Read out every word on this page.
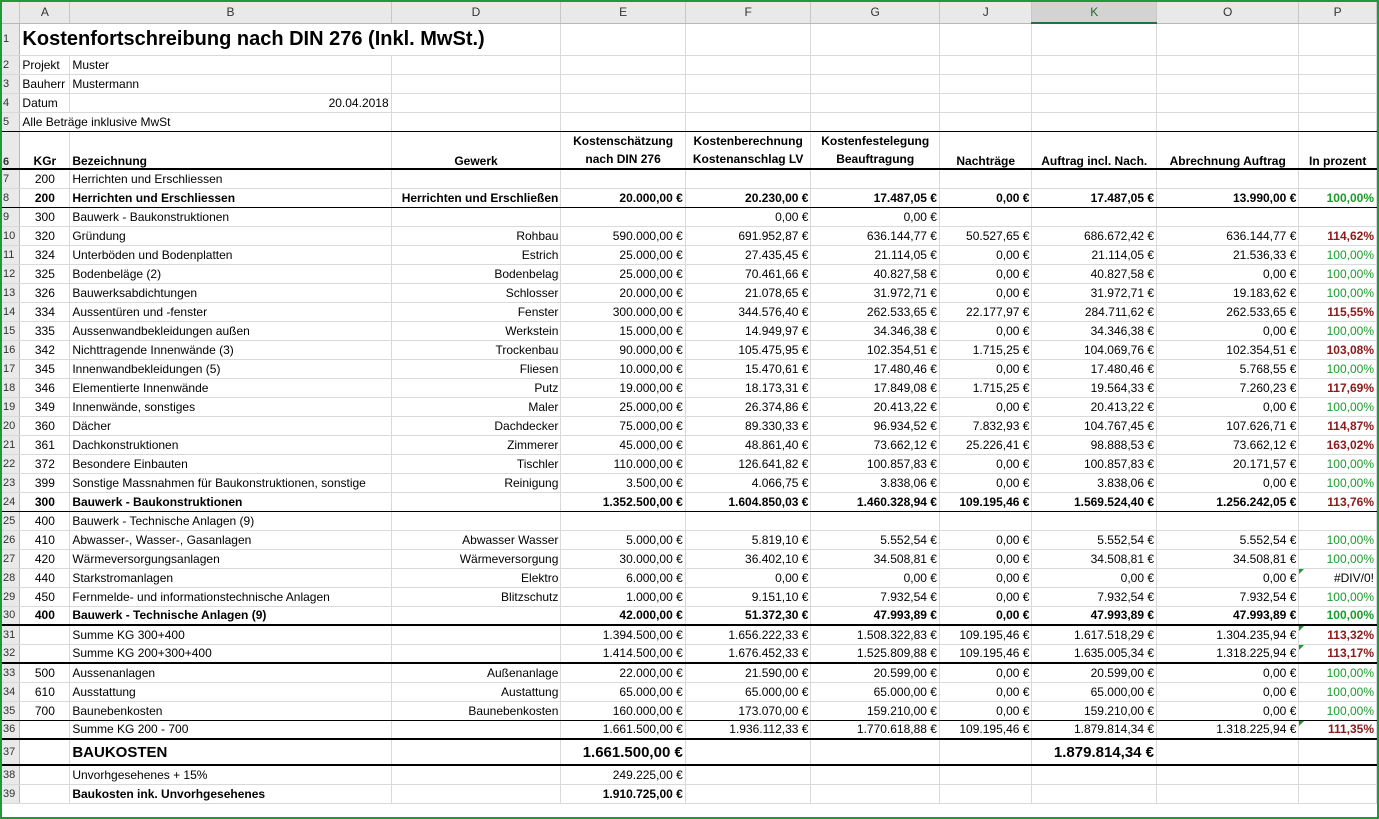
	A	B	D	E	F	G	J	K	O	P
1	Kostenfortschreibung nach DIN 276 (Inkl. MwSt.)									
2	Projekt	Muster								
3	Bauherr	Mustermann								
4	Datum	20.04.2018								
5	Alle Beträge inklusive MwSt									
6	KGr	Bezeichnung	Gewerk	Kostenschätzung nach DIN 276	Kostenberechnung Kostenanschlag LV	Kostenfestelegung Beauftragung	Nachträge	Auftrag incl. Nach.	Abrechnung Auftrag	In prozent
7	200	Herrichten und Erschliessen								
8	200	Herrichten und Erschliessen	Herrichten und Erschließen	20.000,00 €	20.230,00 €	17.487,05 €	0,00 €	17.487,05 €	13.990,00 €	100,00%
9	300	Bauwerk - Baukonstruktionen			0,00 €	0,00 €				
10	320	Gründung	Rohbau	590.000,00 €	691.952,87 €	636.144,77 €	50.527,65 €	686.672,42 €	636.144,77 €	114,62%
11	324	Unterböden und Bodenplatten	Estrich	25.000,00 €	27.435,45 €	21.114,05 €	0,00 €	21.114,05 €	21.536,33 €	100,00%
12	325	Bodenbeläge (2)	Bodenbelag	25.000,00 €	70.461,66 €	40.827,58 €	0,00 €	40.827,58 €	0,00 €	100,00%
13	326	Bauwerksabdichtungen	Schlosser	20.000,00 €	21.078,65 €	31.972,71 €	0,00 €	31.972,71 €	19.183,62 €	100,00%
14	334	Aussentüren und -fenster	Fenster	300.000,00 €	344.576,40 €	262.533,65 €	22.177,97 €	284.711,62 €	262.533,65 €	115,55%
15	335	Aussenwandbekleidungen außen	Werkstein	15.000,00 €	14.949,97 €	34.346,38 €	0,00 €	34.346,38 €	0,00 €	100,00%
16	342	Nichttragende Innenwände (3)	Trockenbau	90.000,00 €	105.475,95 €	102.354,51 €	1.715,25 €	104.069,76 €	102.354,51 €	103,08%
17	345	Innenwandbekleidungen (5)	Fliesen	10.000,00 €	15.470,61 €	17.480,46 €	0,00 €	17.480,46 €	5.768,55 €	100,00%
18	346	Elementierte Innenwände	Putz	19.000,00 €	18.173,31 €	17.849,08 €	1.715,25 €	19.564,33 €	7.260,23 €	117,69%
19	349	Innenwände, sonstiges	Maler	25.000,00 €	26.374,86 €	20.413,22 €	0,00 €	20.413,22 €	0,00 €	100,00%
20	360	Dächer	Dachdecker	75.000,00 €	89.330,33 €	96.934,52 €	7.832,93 €	104.767,45 €	107.626,71 €	114,87%
21	361	Dachkonstruktionen	Zimmerer	45.000,00 €	48.861,40 €	73.662,12 €	25.226,41 €	98.888,53 €	73.662,12 €	163,02%
22	372	Besondere Einbauten	Tischler	110.000,00 €	126.641,82 €	100.857,83 €	0,00 €	100.857,83 €	20.171,57 €	100,00%
23	399	Sonstige Massnahmen für Baukonstruktionen, sonstige	Reinigung	3.500,00 €	4.066,75 €	3.838,06 €	0,00 €	3.838,06 €	0,00 €	100,00%
24	300	Bauwerk - Baukonstruktionen		1.352.500,00 €	1.604.850,03 €	1.460.328,94 €	109.195,46 €	1.569.524,40 €	1.256.242,05 €	113,76%
25	400	Bauwerk - Technische Anlagen (9)								
26	410	Abwasser-, Wasser-, Gasanlagen	Abwasser Wasser	5.000,00 €	5.819,10 €	5.552,54 €	0,00 €	5.552,54 €	5.552,54 €	100,00%
27	420	Wärmeversorgungsanlagen	Wärmeversorgung	30.000,00 €	36.402,10 €	34.508,81 €	0,00 €	34.508,81 €	34.508,81 €	100,00%
28	440	Starkstromanlagen	Elektro	6.000,00 €	0,00 €	0,00 €	0,00 €	0,00 €	0,00 €	#DIV/0!
29	450	Fernmelde- und informationstechnische Anlagen	Blitzschutz	1.000,00 €	9.151,10 €	7.932,54 €	0,00 €	7.932,54 €	7.932,54 €	100,00%
30	400	Bauwerk - Technische Anlagen (9)		42.000,00 €	51.372,30 €	47.993,89 €	0,00 €	47.993,89 €	47.993,89 €	100,00%
31		Summe KG 300+400		1.394.500,00 €	1.656.222,33 €	1.508.322,83 €	109.195,46 €	1.617.518,29 €	1.304.235,94 €	113,32%
32		Summe KG 200+300+400		1.414.500,00 €	1.676.452,33 €	1.525.809,88 €	109.195,46 €	1.635.005,34 €	1.318.225,94 €	113,17%
33	500	Aussenanlagen	Außenanlage	22.000,00 €	21.590,00 €	20.599,00 €	0,00 €	20.599,00 €	0,00 €	100,00%
34	610	Ausstattung	Austattung	65.000,00 €	65.000,00 €	65.000,00 €	0,00 €	65.000,00 €	0,00 €	100,00%
35	700	Baunebenkosten	Baunebenkosten	160.000,00 €	173.070,00 €	159.210,00 €	0,00 €	159.210,00 €	0,00 €	100,00%
36		Summe KG 200 - 700		1.661.500,00 €	1.936.112,33 €	1.770.618,88 €	109.195,46 €	1.879.814,34 €	1.318.225,94 €	111,35%
37		BAUKOSTEN		1.661.500,00 €				1.879.814,34 €		
38		Unvorhgesehenes + 15%		249.225,00 €						
39		Baukosten ink. Unvorhgesehenes		1.910.725,00 €						
